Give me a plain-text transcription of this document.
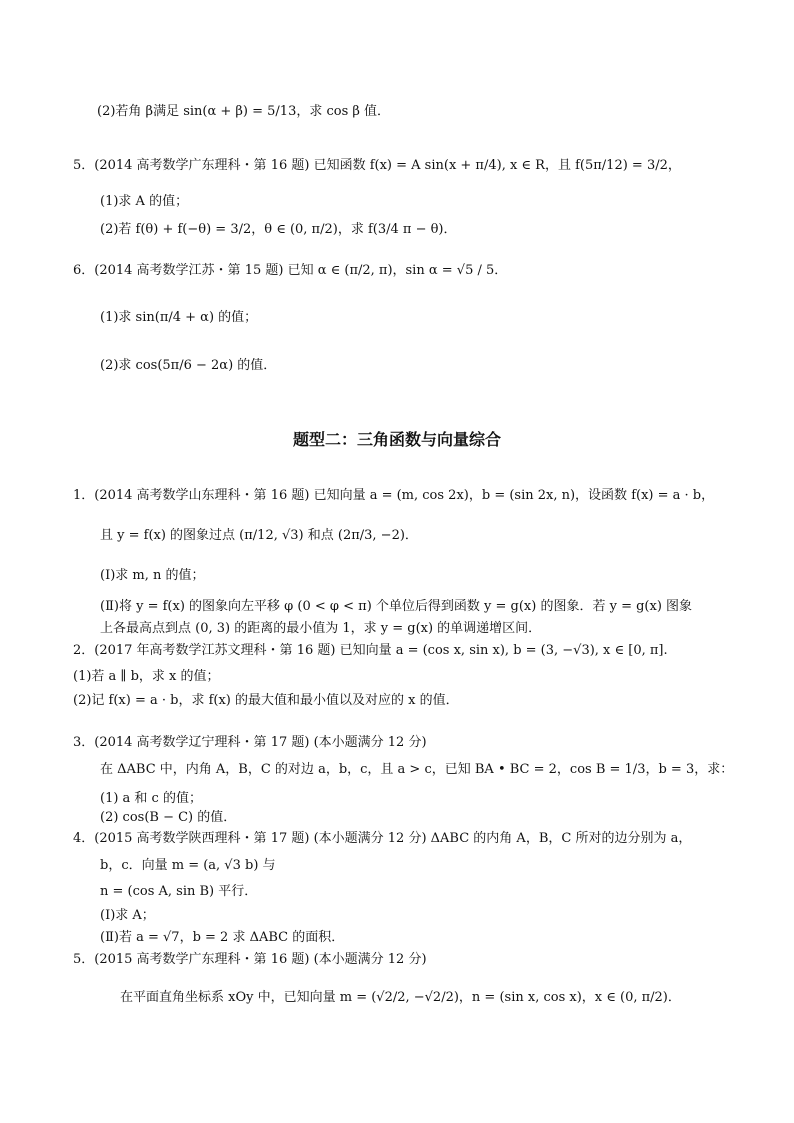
(2)若角 β满足 sin(α + β) = 5/13，求 cos β 值．
5．(2014 高考数学广东理科・第 16 题) 已知函数 f(x) = A sin(x + π/4), x ∈ R，且 f(5π/12) = 3/2，
(1)求 A 的值；
(2)若 f(θ) + f(−θ) = 3/2，θ ∈ (0, π/2)，求 f(3/4 π − θ)．
6．(2014 高考数学江苏・第 15 题) 已知 α ∈ (π/2, π)，sin α = √5 / 5．
(1)求 sin(π/4 + α) 的值；
(2)求 cos(5π/6 − 2α) 的值．
题型二：三角函数与向量综合
1．(2014 高考数学山东理科・第 16 题) 已知向量 a = (m, cos 2x)，b = (sin 2x, n)，设函数 f(x) = a · b，
且 y = f(x) 的图象过点 (π/12, √3) 和点 (2π/3, −2)．
(Ⅰ)求 m, n 的值；
(Ⅱ)将 y = f(x) 的图象向左平移 φ (0 < φ < π) 个单位后得到函数 y = g(x) 的图象．若 y = g(x) 图象
上各最高点到点 (0, 3) 的距离的最小值为 1，求 y = g(x) 的单调递增区间．
2．(2017 年高考数学江苏文理科・第 16 题) 已知向量 a = (cos x, sin x), b = (3, −√3), x ∈ [0, π].
(1)若 a ∥ b，求 x 的值；
(2)记 f(x) = a · b，求 f(x) 的最大值和最小值以及对应的 x 的值．
3．(2014 高考数学辽宁理科・第 17 题) (本小题满分 12 分)
在 ΔABC 中，内角 A，B，C 的对边 a，b，c，且 a > c，已知 BA • BC = 2，cos B = 1/3，b = 3，求：
(1) a 和 c 的值；
(2) cos(B − C) 的值．
4．(2015 高考数学陕西理科・第 17 题) (本小题满分 12 分) ΔABC 的内角 A，B，C 所对的边分别为 a，
b，c．向量 m = (a, √3 b) 与
n = (cos A, sin B) 平行．
(Ⅰ)求 A；
(Ⅱ)若 a = √7，b = 2 求 ΔABC 的面积．
5．(2015 高考数学广东理科・第 16 题) (本小题满分 12 分)
在平面直角坐标系 xOy 中，已知向量 m = (√2/2, −√2/2)，n = (sin x, cos x)，x ∈ (0, π/2)．
